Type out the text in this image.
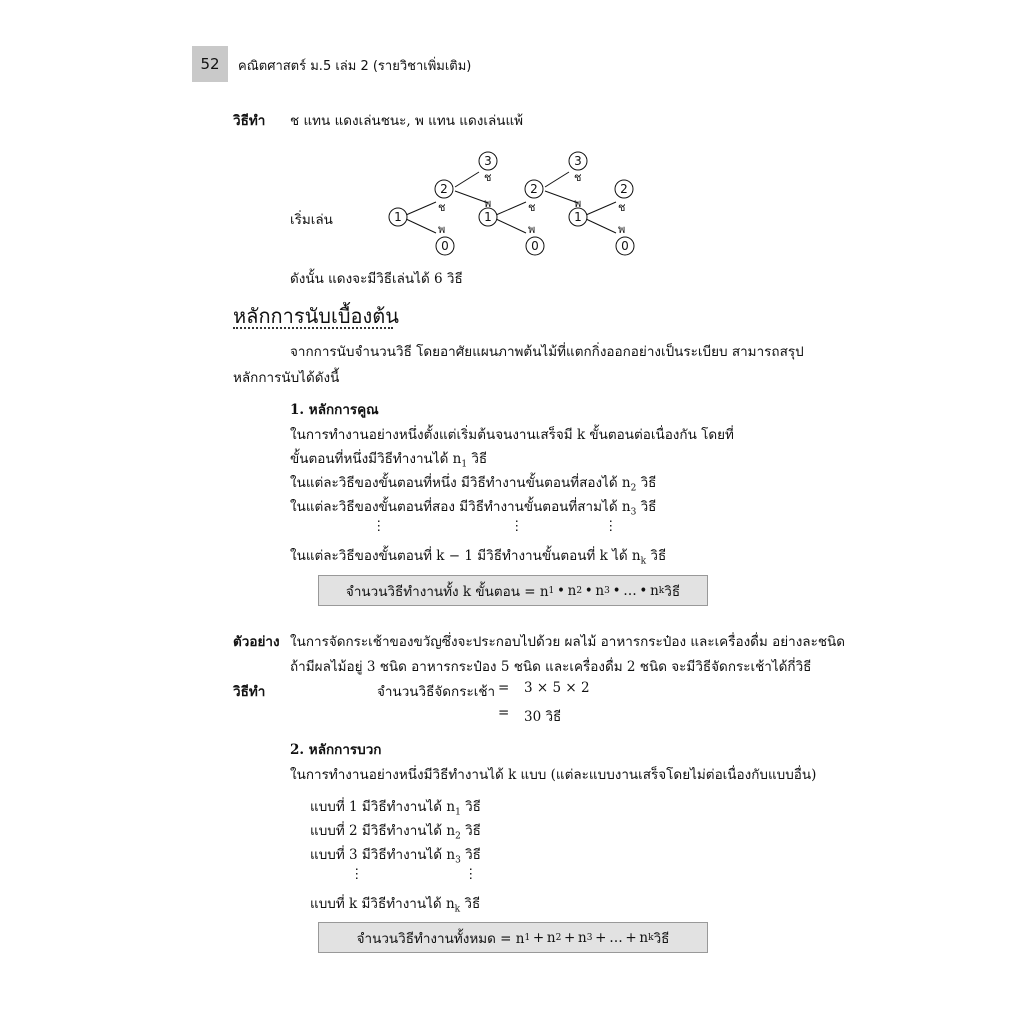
52	คณิตศาสตร์ ม.5 เล่ม 2 (รายวิชาเพิ่มเติม)
วิธีทำ ช แทน แดงเล่นชนะ, พ แทน แดงเล่นแพ้
เริ่มเล่น	1
2
3
0
1
2
3
0
1
2
0
ช
พ
ช
พ	ช
พ
ช
พ	ช
พ
ดังนั้น แดงจะมีวิธีเล่นได้ 6 วิธี
หลักการนับเบื้องต้น
จากการนับจำนวนวิธี โดยอาศัยแผนภาพต้นไม้ที่แตกกิ่งออกอย่างเป็นระเบียบ สามารถสรุป
หลักการนับได้ดังนี้
1. หลักการคูณ
ในการทำงานอย่างหนึ่งตั้งแต่เริ่มต้นจนงานเสร็จมี k ขั้นตอนต่อเนื่องกัน โดยที่
ขั้นตอนที่หนึ่งมีวิธีทำงานได้ $n_1$ วิธี
ในแต่ละวิธีของขั้นตอนที่หนึ่ง มีวิธีทำงานขั้นตอนที่สองได้ $n_2$ วิธี
ในแต่ละวิธีของขั้นตอนที่สอง มีวิธีทำงานขั้นตอนที่สามได้ $n_3$ วิธี
⋮	⋮	⋮
ในแต่ละวิธีของขั้นตอนที่ k − 1 มีวิธีทำงานขั้นตอนที่ k ได้ $n_k$ วิธี
จำนวนวิธีทำงานทั้ง k ขั้นตอน = n 1  • n 2  • n 3  • … • n k วิธี
ตัวอย่าง ในการจัดกระเช้าของขวัญซึ่งจะประกอบไปด้วย ผลไม้ อาหารกระป๋อง และเครื่องดื่ม อย่างละชนิด
ถ้ามีผลไม้อยู่ 3 ชนิด อาหารกระป๋อง 5 ชนิด และเครื่องดื่ม 2 ชนิด จะมีวิธีจัดกระเช้าได้กี่วิธี
วิธีทำ	จำนวนวิธีจัดกระเช้า = 3 × 5 × 2
= 30 วิธี
2. หลักการบวก
ในการทำงานอย่างหนึ่งมีวิธีทำงานได้ k แบบ (แต่ละแบบงานเสร็จโดยไม่ต่อเนื่องกับแบบอื่น)
แบบที่ 1 มีวิธีทำงานได้ $n_1$ วิธี
แบบที่ 2 มีวิธีทำงานได้ $n_2$ วิธี
แบบที่ 3 มีวิธีทำงานได้ $n_3$ วิธี
⋮	⋮
แบบที่ k มีวิธีทำงานได้ $n_k$ วิธี
จำนวนวิธีทำงานทั้งหมด = n 1  + n 2  + n 3  + … + n k วิธี
